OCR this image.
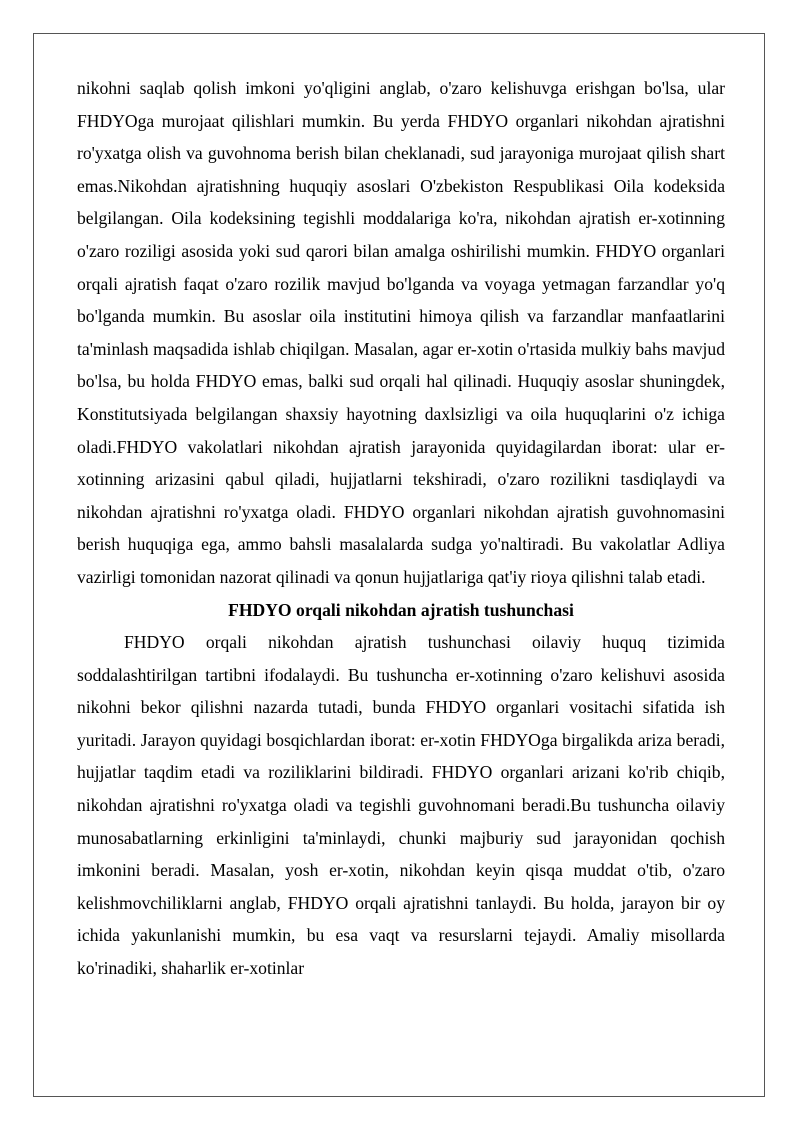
nikohni saqlab qolish imkoni yo'qligini anglab, o'zaro kelishuvga erishgan bo'lsa, ular FHDYOga murojaat qilishlari mumkin. Bu yerda FHDYO organlari nikohdan ajratishni ro'yxatga olish va guvohnoma berish bilan cheklanadi, sud jarayoniga murojaat qilish shart emas.Nikohdan ajratishning huquqiy asoslari O'zbekiston Respublikasi Oila kodeksida belgilangan. Oila kodeksining tegishli moddalariga ko'ra, nikohdan ajratish er-xotinning o'zaro roziligi asosida yoki sud qarori bilan amalga oshirilishi mumkin. FHDYO organlari orqali ajratish faqat o'zaro rozilik mavjud bo'lganda va voyaga yetmagan farzandlar yo'q bo'lganda mumkin. Bu asoslar oila institutini himoya qilish va farzandlar manfaatlarini ta'minlash maqsadida ishlab chiqilgan. Masalan, agar er-xotin o'rtasida mulkiy bahs mavjud bo'lsa, bu holda FHDYO emas, balki sud orqali hal qilinadi. Huquqiy asoslar shuningdek, Konstitutsiyada belgilangan shaxsiy hayotning daxlsizligi va oila huquqlarini o'z ichiga oladi.FHDYO vakolatlari nikohdan ajratish jarayonida quyidagilardan iborat: ular er-xotinning arizasini qabul qiladi, hujjatlarni tekshiradi, o'zaro rozilikni tasdiqlaydi va nikohdan ajratishni ro'yxatga oladi. FHDYO organlari nikohdan ajratish guvohnomasini berish huquqiga ega, ammo bahsli masalalarda sudga yo'naltiradi. Bu vakolatlar Adliya vazirligi tomonidan nazorat qilinadi va qonun hujjatlariga qat'iy rioya qilishni talab etadi.

FHDYO orqali nikohdan ajratish tushunchasi

FHDYO orqali nikohdan ajratish tushunchasi oilaviy huquq tizimida soddalashtirilgan tartibni ifodalaydi. Bu tushuncha er-xotinning o'zaro kelishuvi asosida nikohni bekor qilishni nazarda tutadi, bunda FHDYO organlari vositachi sifatida ish yuritadi. Jarayon quyidagi bosqichlardan iborat: er-xotin FHDYOga birgalikda ariza beradi, hujjatlar taqdim etadi va roziliklarini bildiradi. FHDYO organlari arizani ko'rib chiqib, nikohdan ajratishni ro'yxatga oladi va tegishli guvohnomani beradi.Bu tushuncha oilaviy munosabatlarning erkinligini ta'minlaydi, chunki majburiy sud jarayonidan qochish imkonini beradi. Masalan, yosh er-xotin, nikohdan keyin qisqa muddat o'tib, o'zaro kelishmovchiliklarni anglab, FHDYO orqali ajratishni tanlaydi. Bu holda, jarayon bir oy ichida yakunlanishi mumkin, bu esa vaqt va resurslarni tejaydi. Amaliy misollarda ko'rinadiki, shaharlik er-xotinlar
